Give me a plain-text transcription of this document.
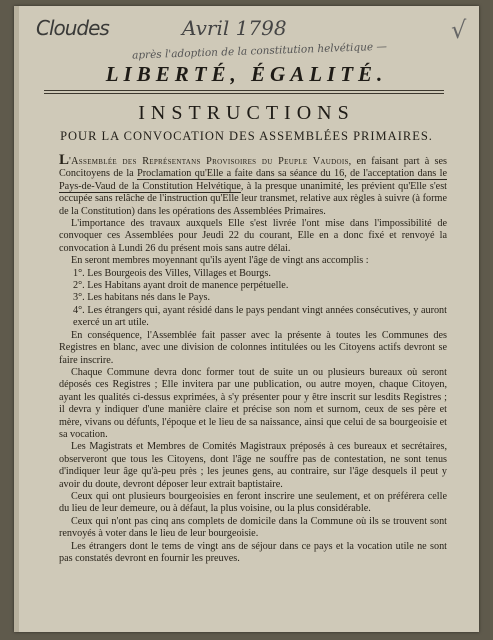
Cloudes	Avril 1798
après l'adoption de la constitution helvétique —
√
LIBERTÉ, ÉGALITÉ.
INSTRUCTIONS
POUR LA CONVOCATION DES ASSEMBLÉES PRIMAIRES.

L'Assemblée des Représentans Provisoires du Peuple Vaudois, en faisant part à ses Concitoyens de la Proclamation qu'Elle a faite dans sa séance du 16, de l'acceptation dans le Pays-de-Vaud de la Constitution Helvétique, à la presque unanimité, les prévient qu'Elle s'est occupée sans relâche de l'instruction qu'Elle leur transmet, relative aux règles à suivre (à forme de la Constitution) dans les opérations des Assemblées Primaires.

L'importance des travaux auxquels Elle s'est livrée l'ont mise dans l'impossibilité de convoquer ces Assemblées pour Jeudi 22 du courant, Elle en a donc fixé et renvoyé la convocation à Lundi 26 du présent mois sans autre délai.

En seront membres moyennant qu'ils ayent l'âge de vingt ans accomplis :

1°. Les Bourgeois des Villes, Villages et Bourgs.

2°. Les Habitans ayant droit de manence perpétuelle.

3°. Les habitans nés dans le Pays.

4°. Les étrangers qui, ayant résidé dans le pays pendant vingt années consécutives, y auront exercé un art utile.

En conséquence, l'Assemblée fait passer avec la présente à toutes les Communes des Registres en blanc, avec une division de colonnes intitulées ou les Citoyens actifs devront se faire inscrire.

Chaque Commune devra donc former tout de suite un ou plusieurs bureaux où seront déposés ces Registres ; Elle invitera par une publication, ou autre moyen, chaque Citoyen, ayant les qualités ci-dessus exprimées, à s'y présenter pour y être inscrit sur lesdits Registres ; il devra y indiquer d'une manière claire et précise son nom et surnom, ceux de ses père et mère, vivans ou défunts, l'époque et le lieu de sa naissance, ainsi que celui de sa bourgeoisie et sa vocation.

Les Magistrats et Membres de Comités Magistraux préposés à ces bureaux et secrétaires, observeront que tous les Citoyens, dont l'âge ne souffre pas de contestation, ne sont tenus d'indiquer leur âge qu'à-peu près ; les jeunes gens, au contraire, sur l'âge desquels il peut y avoir du doute, devront déposer leur extrait baptistaire.

Ceux qui ont plusieurs bourgeoisies en feront inscrire une seulement, et on préférera celle du lieu de leur demeure, ou à défaut, la plus voisine, ou la plus considérable.

Ceux qui n'ont pas cinq ans complets de domicile dans la Commune où ils se trouvent sont renvoyés à voter dans le lieu de leur bourgeoisie.

Les étrangers dont le tems de vingt ans de séjour dans ce pays et la vocation utile ne sont pas constatés devront en fournir les preuves.
